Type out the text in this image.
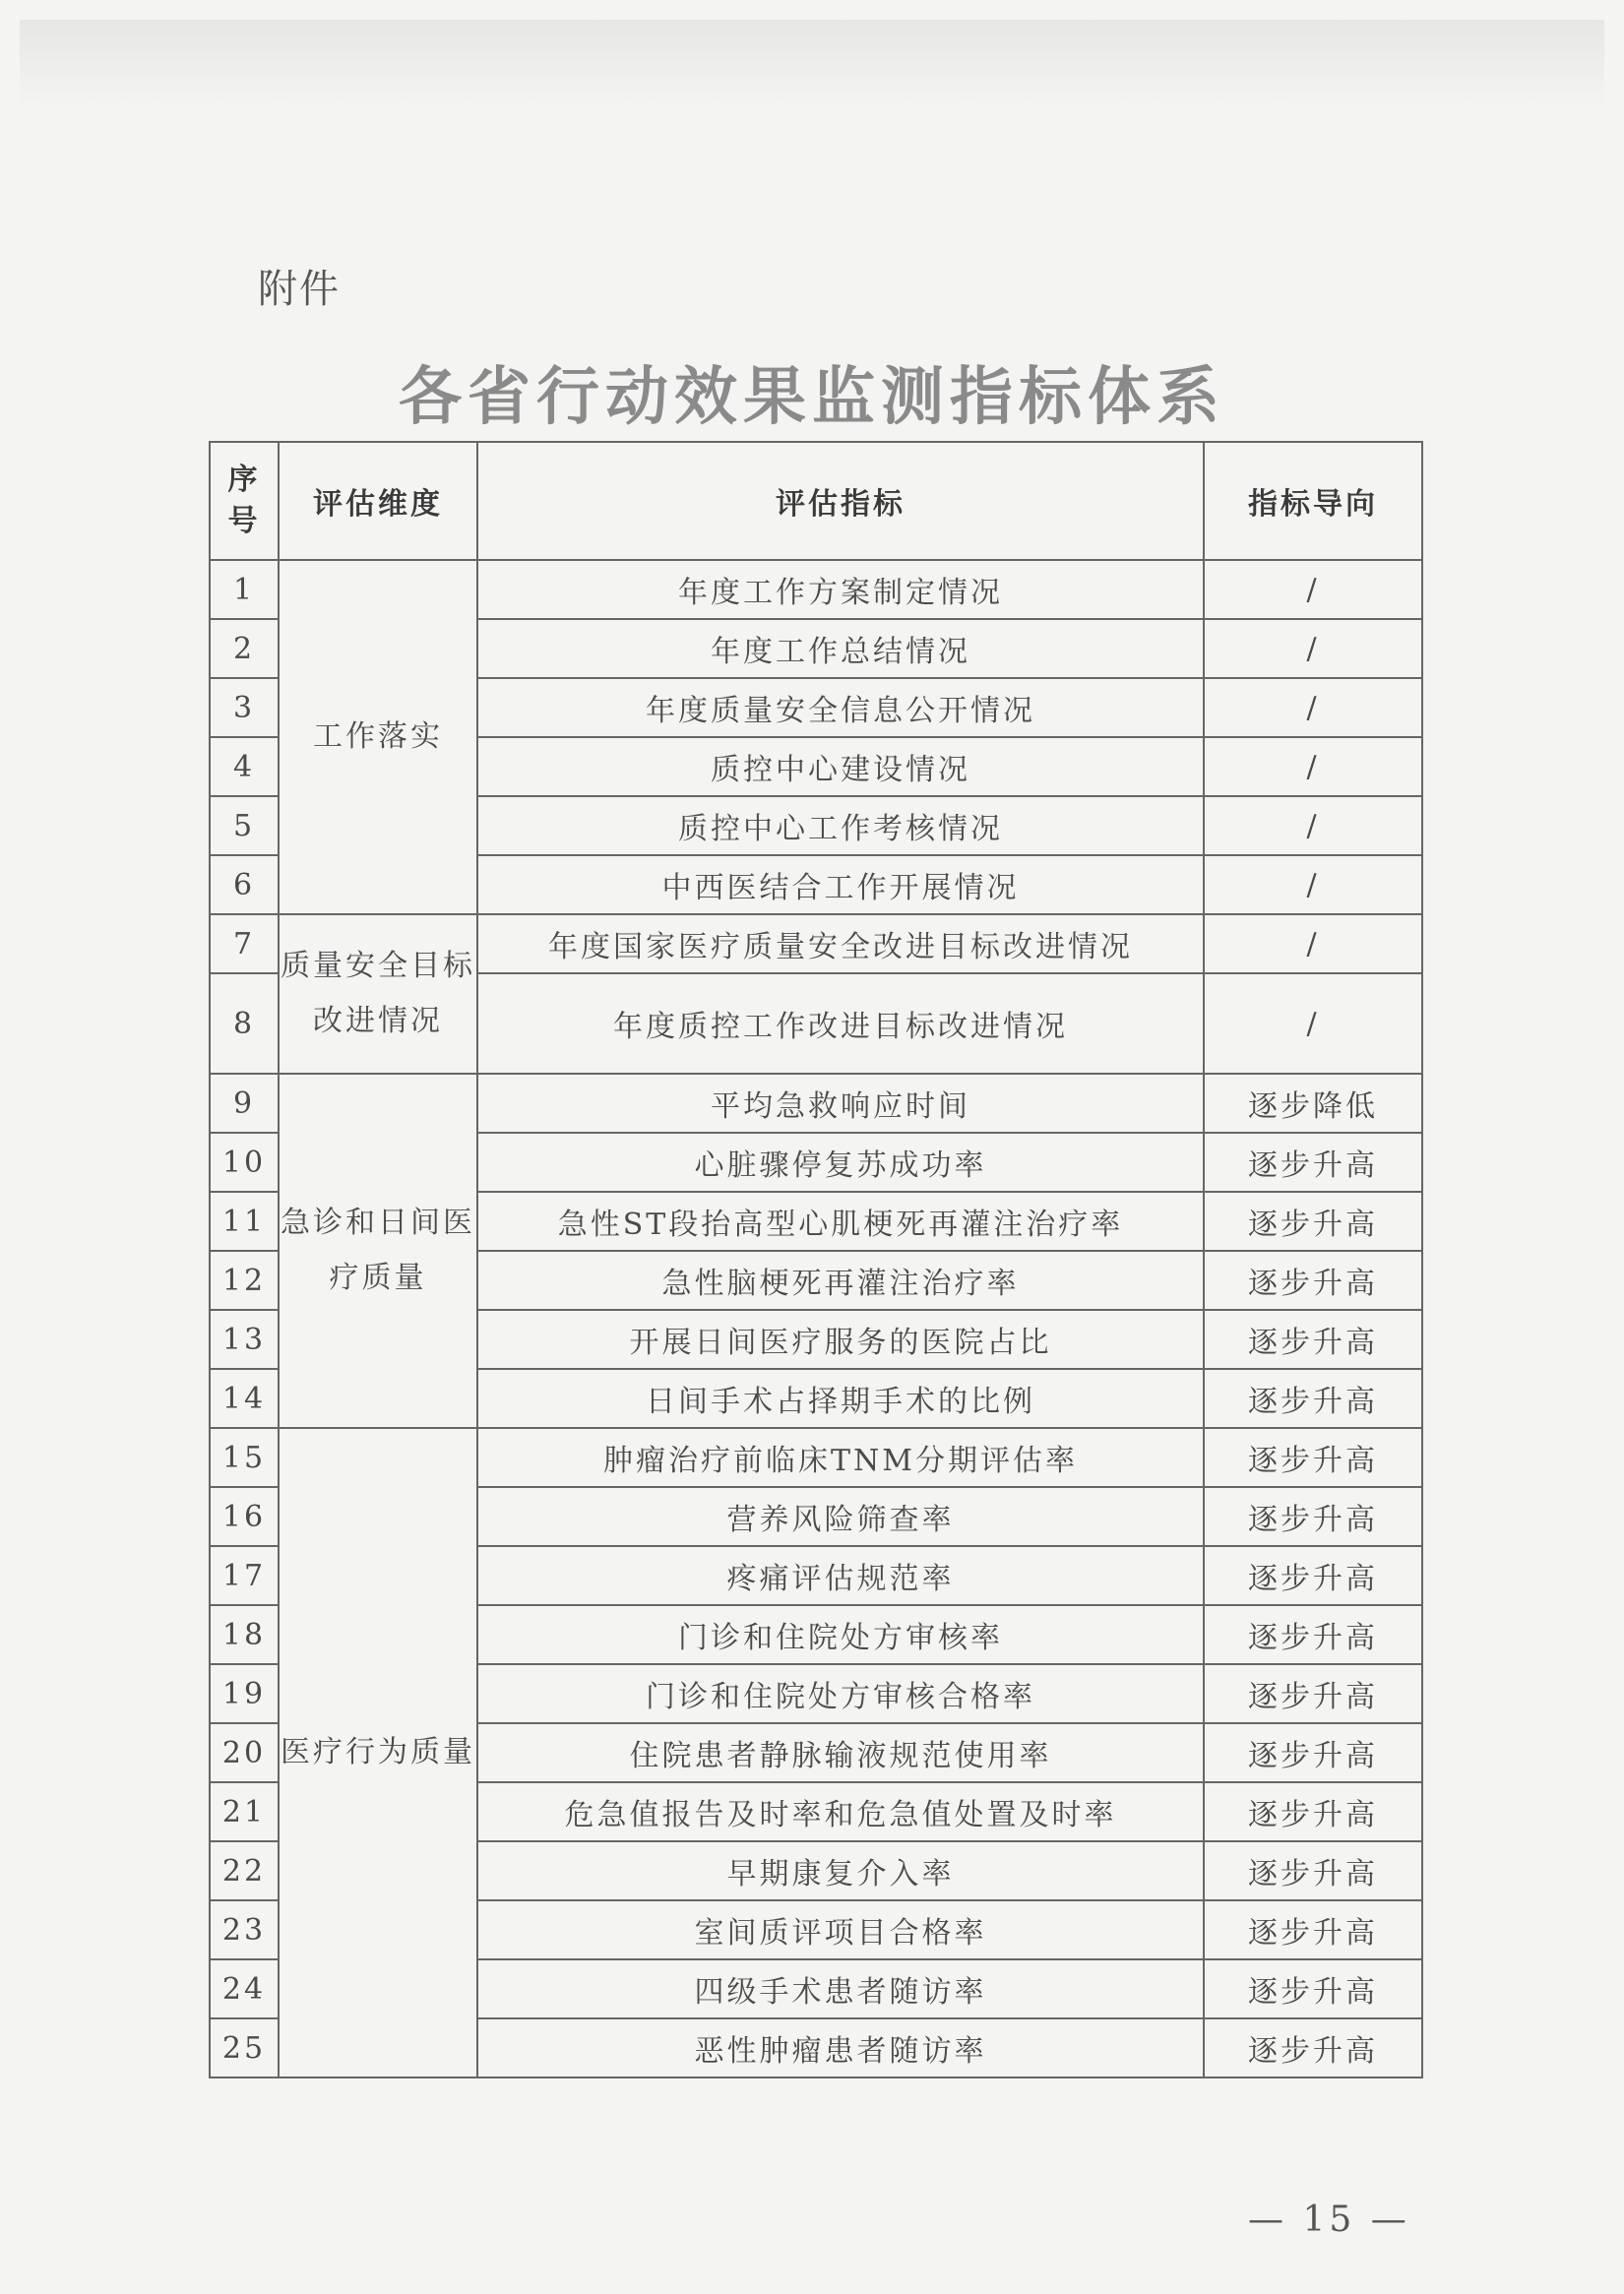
附件
各省行动效果监测指标体系
序
号	评估维度	评估指标	指标导向
1	工作落实	年度工作方案制定情况	/
2		年度工作总结情况	/
3		年度质量安全信息公开情况	/
4		质控中心建设情况	/
5		质控中心工作考核情况	/
6		中西医结合工作开展情况	/
7	质量安全目标改进情况	年度国家医疗质量安全改进目标改进情况	/
8		年度质控工作改进目标改进情况	/
9	急诊和日间医疗质量	平均急救响应时间	逐步降低
10		心脏骤停复苏成功率	逐步升高
11		急性ST段抬高型心肌梗死再灌注治疗率	逐步升高
12		急性脑梗死再灌注治疗率	逐步升高
13		开展日间医疗服务的医院占比	逐步升高
14		日间手术占择期手术的比例	逐步升高
15	医疗行为质量	肿瘤治疗前临床TNM分期评估率	逐步升高
16		营养风险筛查率	逐步升高
17		疼痛评估规范率	逐步升高
18		门诊和住院处方审核率	逐步升高
19		门诊和住院处方审核合格率	逐步升高
20		住院患者静脉输液规范使用率	逐步升高
21		危急值报告及时率和危急值处置及时率	逐步升高
22		早期康复介入率	逐步升高
23		室间质评项目合格率	逐步升高
24		四级手术患者随访率	逐步升高
25		恶性肿瘤患者随访率	逐步升高
— 15 —
